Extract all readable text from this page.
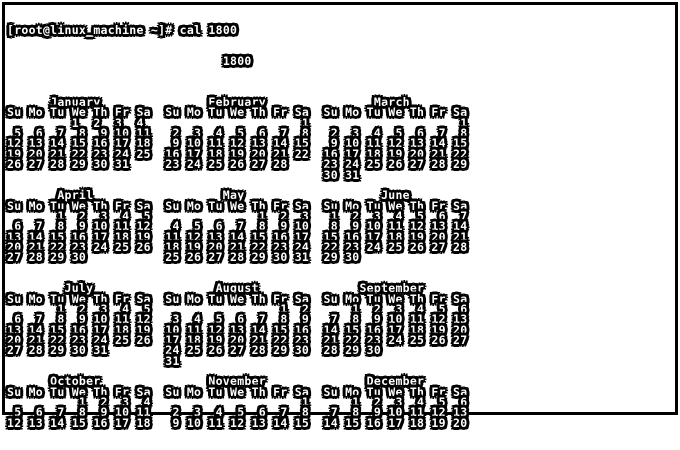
[root@linux_machine ~]# cal 1800

1800

January               February               March
Su Mo Tu We Th Fr Sa  Su Mo Tu We Th Fr Sa  Su Mo Tu We Th Fr Sa
1  2  3  4                      1                     1
5  6  7  8  9 10 11   2  3  4  5  6  7  8   2  3  4  5  6  7  8
12 13 14 15 16 17 18   9 10 11 12 13 14 15   9 10 11 12 13 14 15
19 20 21 22 23 24 25  16 17 18 19 20 21 22  16 17 18 19 20 21 22
26 27 28 29 30 31     23 24 25 26 27 28     23 24 25 26 27 28 29
30 31
April                  May                   June
Su Mo Tu We Th Fr Sa  Su Mo Tu We Th Fr Sa  Su Mo Tu We Th Fr Sa
1  2  3  4  5               1  2  3   1  2  3  4  5  6  7
6  7  8  9 10 11 12   4  5  6  7  8  9 10   8  9 10 11 12 13 14
13 14 15 16 17 18 19  11 12 13 14 15 16 17  15 16 17 18 19 20 21
20 21 22 23 24 25 26  18 19 20 21 22 23 24  22 23 24 25 26 27 28
27 28 29 30           25 26 27 28 29 30 31  29 30
July                 August              September
Su Mo Tu We Th Fr Sa  Su Mo Tu We Th Fr Sa  Su Mo Tu We Th Fr Sa
1  2  3  4  5                  1  2      1  2  3  4  5  6
6  7  8  9 10 11 12   3  4  5  6  7  8  9   7  8  9 10 11 12 13
13 14 15 16 17 18 19  10 11 12 13 14 15 16  14 15 16 17 18 19 20
20 21 22 23 24 25 26  17 18 19 20 21 22 23  21 22 23 24 25 26 27
27 28 29 30 31        24 25 26 27 28 29 30  28 29 30
31
October               November              December
Su Mo Tu We Th Fr Sa  Su Mo Tu We Th Fr Sa  Su Mo Tu We Th Fr Sa
1  2  3  4                     1      1  2  3  4  5  6
5  6  7  8  9 10 11   2  3  4  5  6  7  8   7  8  9 10 11 12 13
12 13 14 15 16 17 18   9 10 11 12 13 14 15  14 15 16 17 18 19 20
